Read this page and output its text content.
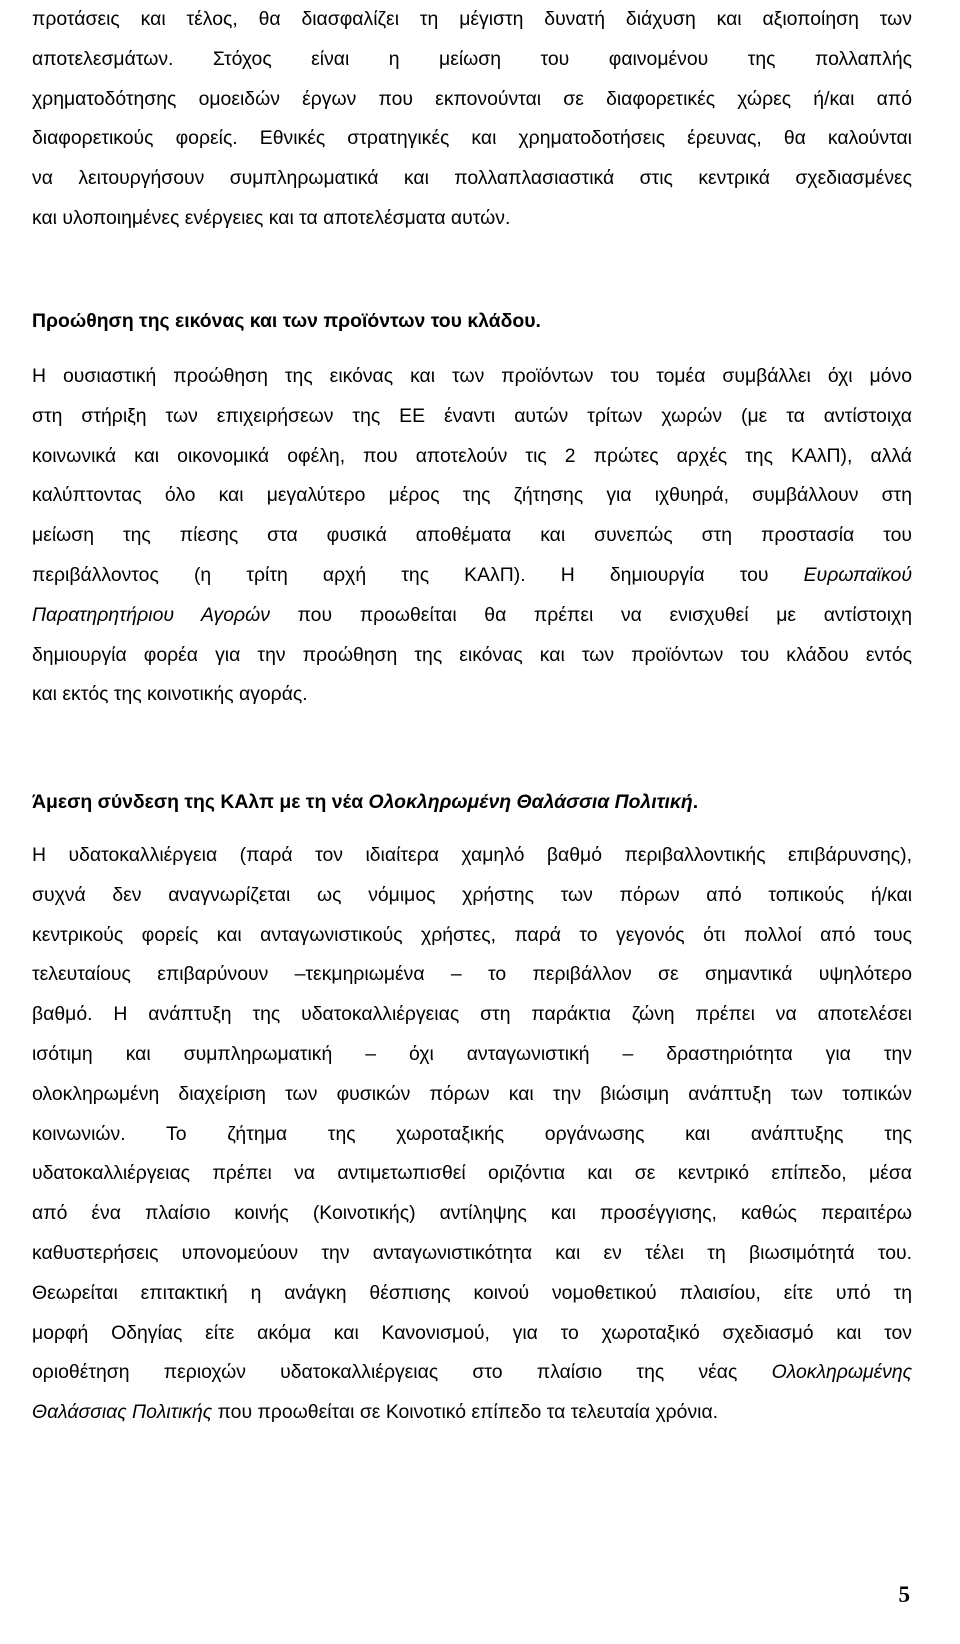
προτάσεις και τέλος, θα διασφαλίζει τη μέγιστη δυνατή διάχυση και αξιοποίηση των
αποτελεσμάτων. Στόχος είναι η μείωση του φαινομένου της πολλαπλής
χρηματοδότησης ομοειδών έργων που εκπονούνται σε διαφορετικές χώρες ή/και από
διαφορετικούς φορείς. Εθνικές στρατηγικές και χρηματοδοτήσεις έρευνας, θα καλούνται
να λειτουργήσουν συμπληρωματικά και πολλαπλασιαστικά στις κεντρικά σχεδιασμένες
και υλοποιημένες ενέργειες και τα αποτελέσματα αυτών.
Προώθηση της εικόνας και των προϊόντων του κλάδου.
Η ουσιαστική προώθηση της εικόνας και των προϊόντων του τομέα συμβάλλει όχι μόνο
στη στήριξη των επιχειρήσεων της ΕΕ έναντι αυτών τρίτων χωρών (με τα αντίστοιχα
κοινωνικά και οικονομικά οφέλη, που αποτελούν τις 2 πρώτες αρχές της ΚΑλΠ), αλλά
καλύπτοντας όλο και μεγαλύτερο μέρος της ζήτησης για ιχθυηρά, συμβάλλουν στη
μείωση της πίεσης στα φυσικά αποθέματα και συνεπώς στη προστασία του
περιβάλλοντος (η τρίτη αρχή της ΚΑλΠ). Η δημιουργία του Ευρωπαϊκού
Παρατηρητήριου Αγορών που προωθείται θα πρέπει να ενισχυθεί με αντίστοιχη
δημιουργία φορέα για την προώθηση της εικόνας και των προϊόντων του κλάδου εντός
και εκτός της κοινοτικής αγοράς.
Άμεση σύνδεση της ΚΑλπ με τη νέα Ολοκληρωμένη Θαλάσσια Πολιτική.
Η υδατοκαλλιέργεια (παρά τον ιδιαίτερα χαμηλό βαθμό περιβαλλοντικής επιβάρυνσης),
συχνά δεν αναγνωρίζεται ως νόμιμος χρήστης των πόρων από τοπικούς ή/και
κεντρικούς φορείς και ανταγωνιστικούς χρήστες, παρά το γεγονός ότι πολλοί από τους
τελευταίους επιβαρύνουν –τεκμηριωμένα – το περιβάλλον σε σημαντικά υψηλότερο
βαθμό. Η ανάπτυξη της υδατοκαλλιέργειας στη παράκτια ζώνη πρέπει να αποτελέσει
ισότιμη και συμπληρωματική – όχι ανταγωνιστική – δραστηριότητα για την
ολοκληρωμένη διαχείριση των φυσικών πόρων και την βιώσιμη ανάπτυξη των τοπικών
κοινωνιών. Το ζήτημα της χωροταξικής οργάνωσης και ανάπτυξης της
υδατοκαλλιέργειας πρέπει να αντιμετωπισθεί οριζόντια και σε κεντρικό επίπεδο, μέσα
από ένα πλαίσιο κοινής (Κοινοτικής) αντίληψης και προσέγγισης, καθώς περαιτέρω
καθυστερήσεις υπονομεύουν την ανταγωνιστικότητα και εν τέλει τη βιωσιμότητά του.
Θεωρείται επιτακτική η ανάγκη θέσπισης κοινού νομοθετικού πλαισίου, είτε υπό τη
μορφή Οδηγίας είτε ακόμα και Κανονισμού, για το χωροταξικό σχεδιασμό και τον
οριοθέτηση περιοχών υδατοκαλλιέργειας στο πλαίσιο της νέας Ολοκληρωμένης
Θαλάσσιας Πολιτικής που προωθείται σε Κοινοτικό επίπεδο τα τελευταία χρόνια.
5
